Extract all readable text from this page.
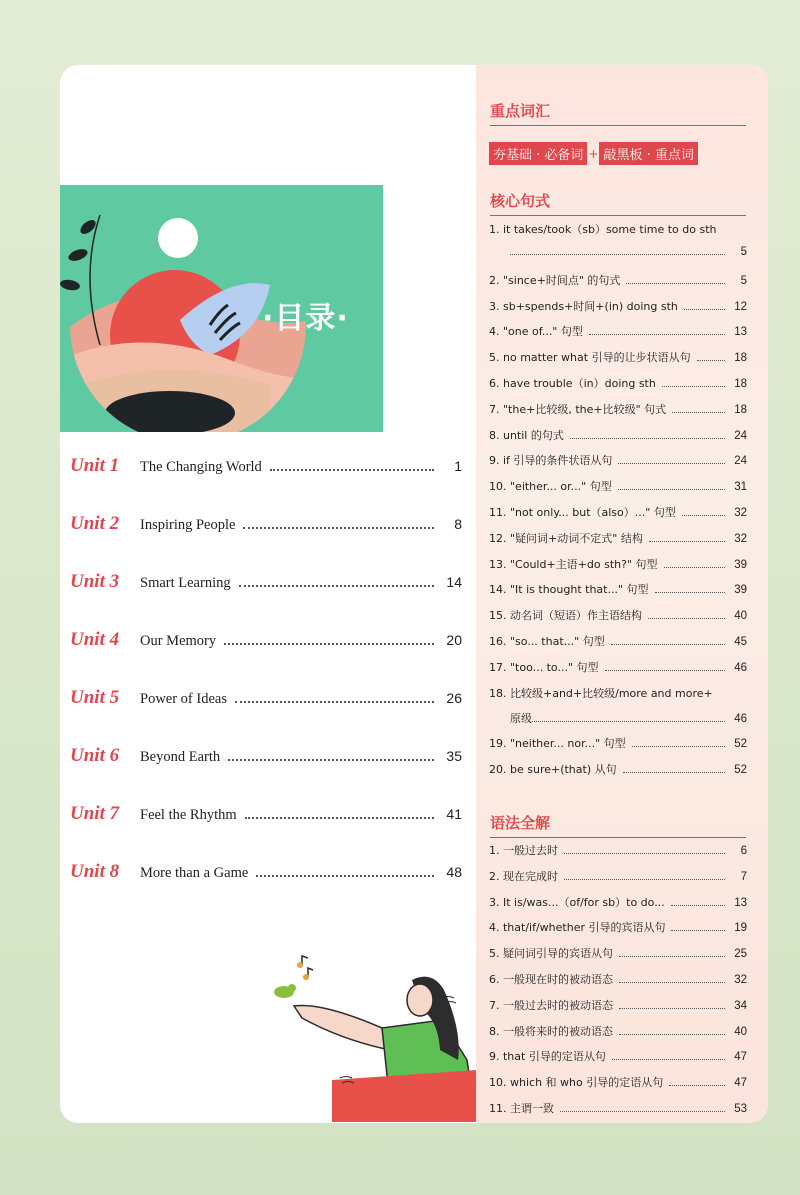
·目录·
Unit 1	The Changing World	1
Unit 2	Inspiring People	8
Unit 3	Smart Learning	14
Unit 4	Our Memory	20
Unit 5	Power of Ideas	26
Unit 6	Beyond Earth	35
Unit 7	Feel the Rhythm	41
Unit 8	More than a Game	48
重点词汇
夯基础 · 必备词 + 敲黑板 · 重点词
核心句式
1. it takes/took（sb）some time to do sth
5
2. "since+时间点" 的句式	5
3. sb+spends+时间+(in) doing sth	12
4. "one of..." 句型	13
5. no matter what 引导的让步状语从句	18
6. have trouble（in）doing sth	18
7. "the+比较级, the+比较级" 句式	18
8. until 的句式	24
9. if 引导的条件状语从句	24
10. "either... or..." 句型	31
11. "not only... but（also）..." 句型	32
12. "疑问词+动词不定式" 结构	32
13. "Could+主语+do sth?" 句型	39
14. "It is thought that..." 句型	39
15. 动名词（短语）作主语结构	40
16. "so... that..." 句型	45
17. "too... to..." 句型	46
18. 比较级+and+比较级/more and more+
原级	46
19. "neither... nor..." 句型	52
20. be sure+(that) 从句	52
语法全解
1. 一般过去时	6
2. 现在完成时	7
3. It is/was...（of/for sb）to do...	13
4. that/if/whether 引导的宾语从句	19
5. 疑问词引导的宾语从句	25
6. 一般现在时的被动语态	32
7. 一般过去时的被动语态	34
8. 一般将来时的被动语态	40
9. that 引导的定语从句	47
10. which 和 who 引导的定语从句	47
11. 主谓一致	53
